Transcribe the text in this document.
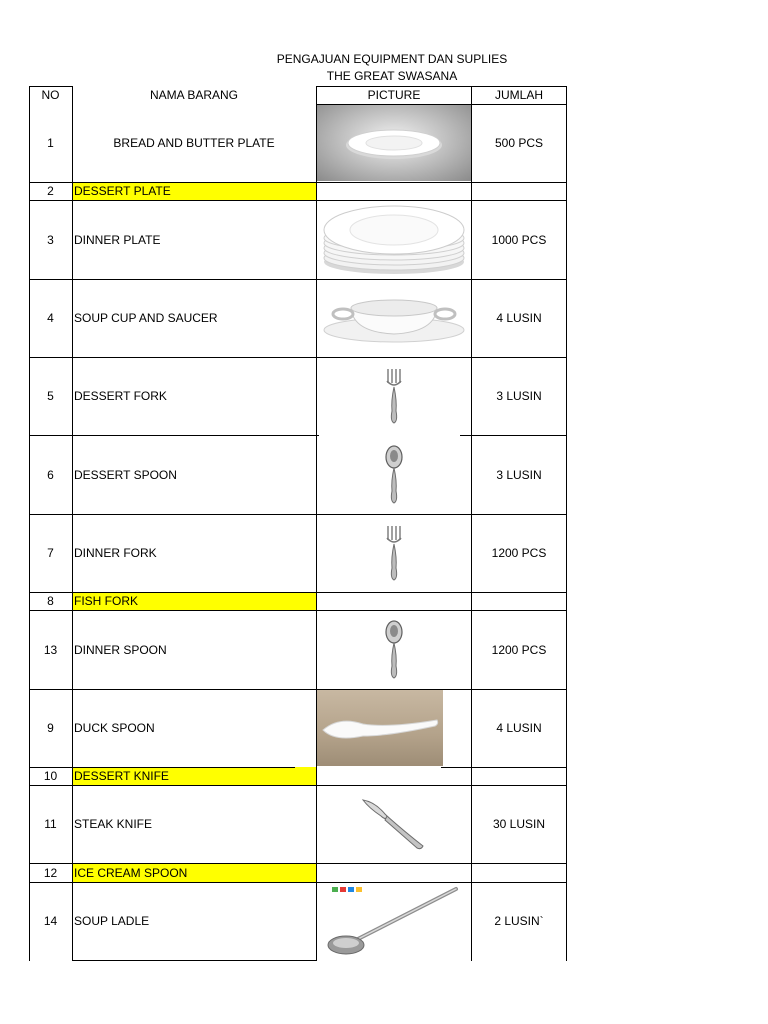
PENGAJUAN EQUIPMENT DAN SUPLIES
THE GREAT SWASANA
NO	NAMA BARANG	PICTURE	JUMLAH
1	BREAD AND BUTTER PLATE	500 PCS
2	DESSERT PLATE
3	DINNER PLATE	1000 PCS
4	SOUP CUP AND SAUCER	4 LUSIN
5	DESSERT FORK	3 LUSIN
6	DESSERT SPOON	3 LUSIN
7	DINNER FORK	1200 PCS
8	FISH FORK
13	DINNER SPOON	1200 PCS
9	DUCK SPOON	4 LUSIN
10	DESSERT KNIFE
11	STEAK KNIFE	30 LUSIN
12	ICE CREAM SPOON
14	SOUP LADLE	2 LUSIN`
